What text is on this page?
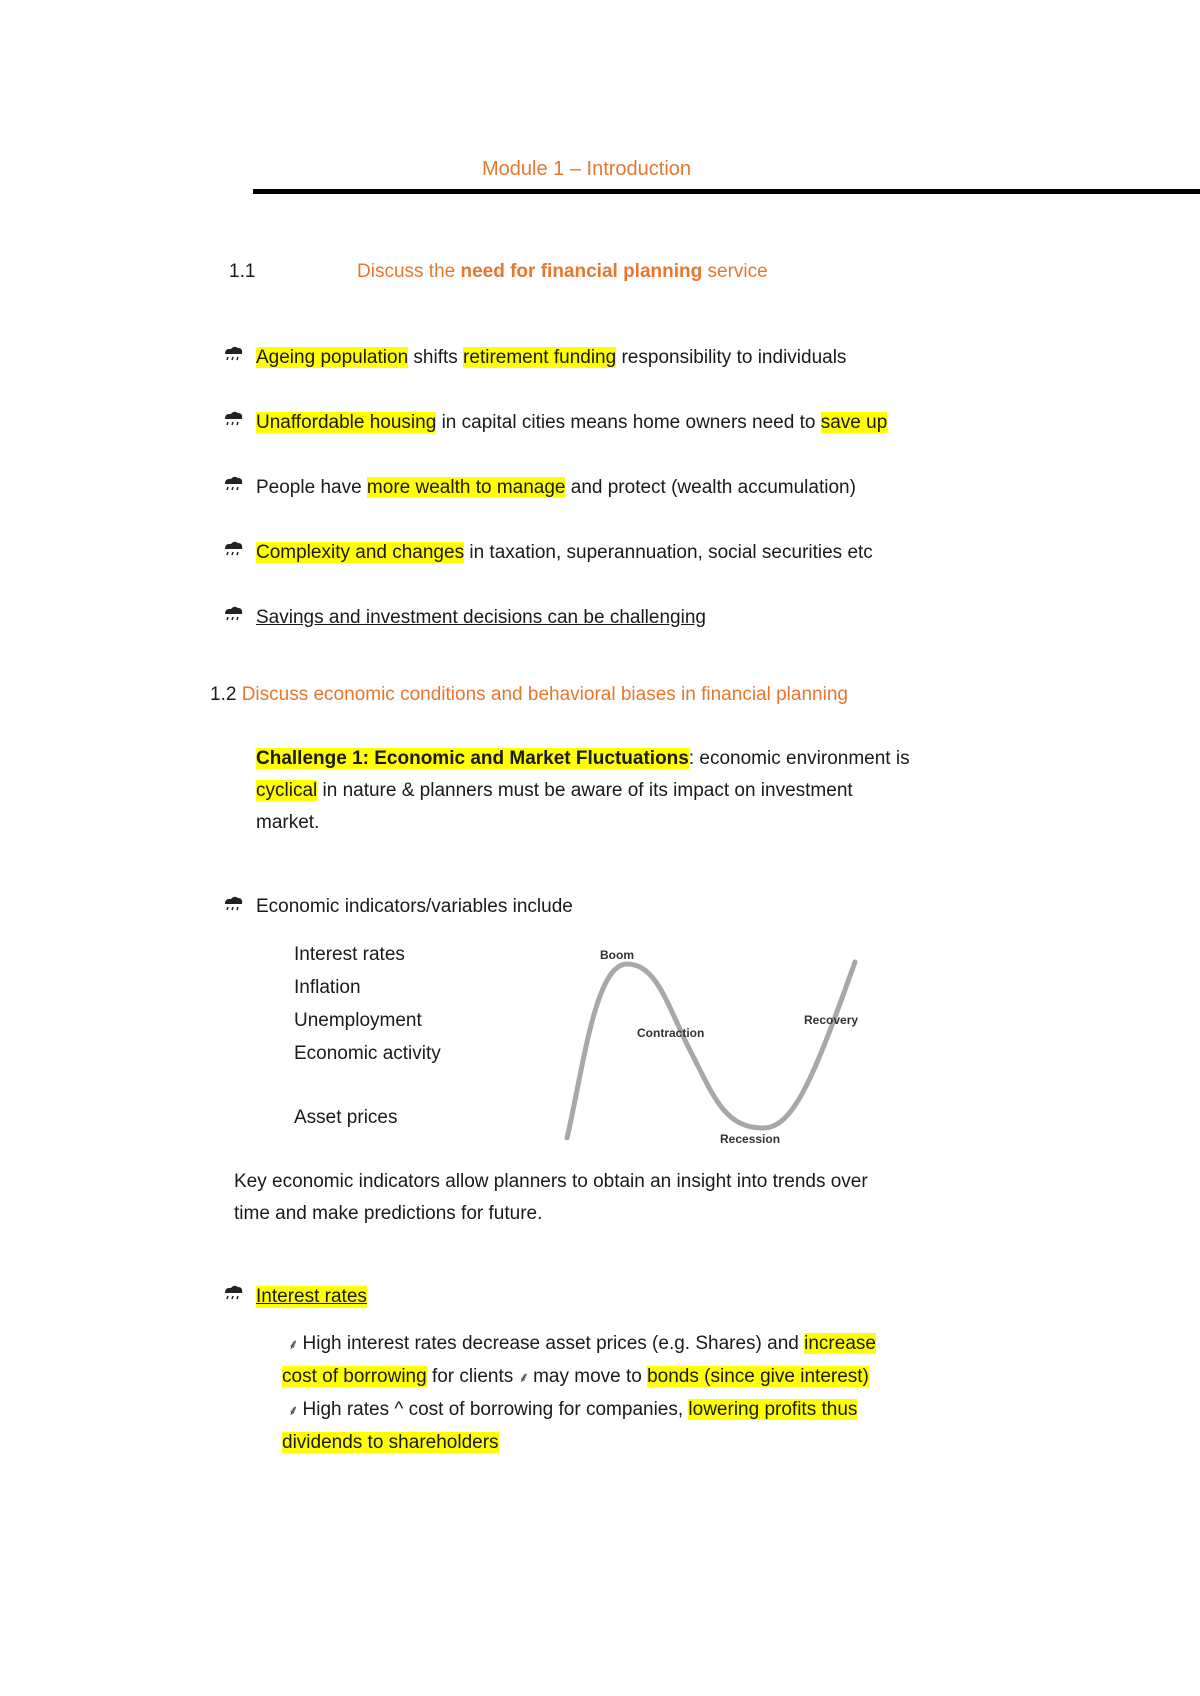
Module 1 – Introduction
1.1	Discuss the need for financial planning service
Ageing population shifts retirement funding responsibility to individuals
Unaffordable housing in capital cities means home owners need to save up
People have more wealth to manage and protect (wealth accumulation)
Complexity and changes in taxation, superannuation, social securities etc
Savings and investment decisions can be challenging
1.2 Discuss economic conditions and behavioral biases in financial planning
Challenge 1: Economic and Market Fluctuations: economic environment is
cyclical in nature & planners must be aware of its impact on investment
market.
Economic indicators/variables include
Interest rates
Inflation
Unemployment
Economic activity
Asset prices
Boom
Contraction
Recovery
Recession
Key economic indicators allow planners to obtain an insight into trends over
time and make predictions for future.
Interest rates
⸙ High interest rates decrease asset prices (e.g. Shares) and increase
cost of borrowing for clients ⸙ may move to bonds (since give interest)
⸙ High rates ^ cost of borrowing for companies, lowering profits thus
dividends to shareholders
